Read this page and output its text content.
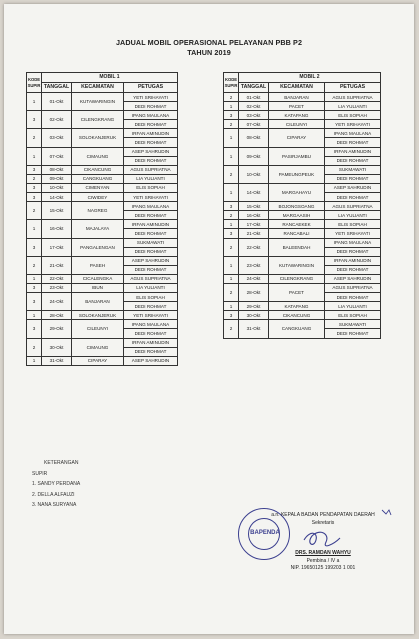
JADUAL MOBIL OPERASIONAL PELAYANAN PBB P2
TAHUN 2019
KODE SUPIR	MOBIL 1		
	TANGGAL	KECAMATAN	PETUGAS
1	01-Okt	KUTAWARINGIN	YETI SRIHAYATI
			DEDI ROHMAT
3	02-Okt	CILENGKRANG	IPANG MAULANA
			DEDI ROHMAT
2	03-Okt	SOLOKANJERUK	IRFAN AMINUDIN
			DEDI ROHMAT
1	07-Okt	CIMAUNG	ASEP SAHRUDIN
			DEDI ROHMAT
3	08-Okt	CIKANCUNG	AGUS SUPRIATNA

2	09-Okt	CANGKUANG	LIA YULIANTI

3	10-Okt	CIMENYAN	ELIS SOPIAH

3	14-Okt	CIWIDEY	YETI SRIHAYATI

2	15-Okt	NAGREG	IPANG MAULANA
			DEDI ROHMAT
1	16-Okt	MAJALAYA	IRFAN AMINUDIN
			DEDI ROHMAT
3	17-Okt	PANGALENGAN	SUKMAWATI
			DEDI ROHMAT
2	21-Okt	PASEH	ASEP SAHRUDIN
			DEDI ROHMAT
1	22-Okt	CICALENGKA	AGUS SUPRIATNA

3	23-Okt	IBUN	LIA YULIANTI

3	24-Okt	BANJARAN	ELIS SOPIAH
			DEDI ROHMAT
1	28-Okt	SOLOKANJERUK	YETI SRIHAYATI

3	29-Okt	CILEUNYI	IPANG MAULANA
			DEDI ROHMAT
2	30-Okt	CIMAUNG	IRFAN AMINUDIN
			DEDI ROHMAT
1	31-Okt	CIPARAY	ASEP SAHRUDIN

KODE SUPIR	MOBIL 2		
	TANGGAL	KECAMATAN	PETUGAS
2	01-Okt	BANJARAN	AGUS SUPRIATNA

1	02-Okt	PACET	LIA YULIANTI

3	03-Okt	KATAPANG	ELIS SOPIAH

2	07-Okt	CILEUNYI	YETI SRIHAYATI

1	08-Okt	CIPARAY	IPANG MAULANA
			DEDI ROHMAT
1	09-Okt	PASIRJAMBU	IRFAN AMINUDIN
			DEDI ROHMAT
2	10-Okt	PAMEUNGPEUK	SUKMAWATI
			DEDI ROHMAT
1	14-Okt	MARGAHAYU	ASEP SAHRUDIN
			DEDI ROHMAT
3	15-Okt	BOJONGSOANG	AGUS SUPRIATNA

2	16-Okt	MARGAASIH	LIA YULIANTI

1	17-Okt	RANCAEKEK	ELIS SOPIAH

3	21-Okt	RANCABALI	YETI SRIHAYATI

2	22-Okt	BALEENDAH	IPANG MAULANA
			DEDI ROHMAT
1	23-Okt	KUTAWARINGIN	IRFAN AMINUDIN
			DEDI ROHMAT
1	24-Okt	CILENGKRANG	ASEP SAHRUDIN

2	28-Okt	PACET	AGUS SUPRIATNA
			DEDI ROHMAT
1	29-Okt	KATAPANG	LIA YULIANTI

3	30-Okt	CIKANCUNG	ELIS SOPIAH

2	31-Okt	CANGKUANG	SUKMAWATI
			DEDI ROHMAT
KETERANGAN
SUPIR
1. SANDY PERDANA
2. DELLA ALFAUZI
3. NANA SURYANA
BAPENDA
a.n. KEPALA BADAN PENDAPATAN DAERAH
Sekretaris
DRS. RAMDAN WAHYU
Pembina / IV a
NIP. 19650125 199203 1 001
